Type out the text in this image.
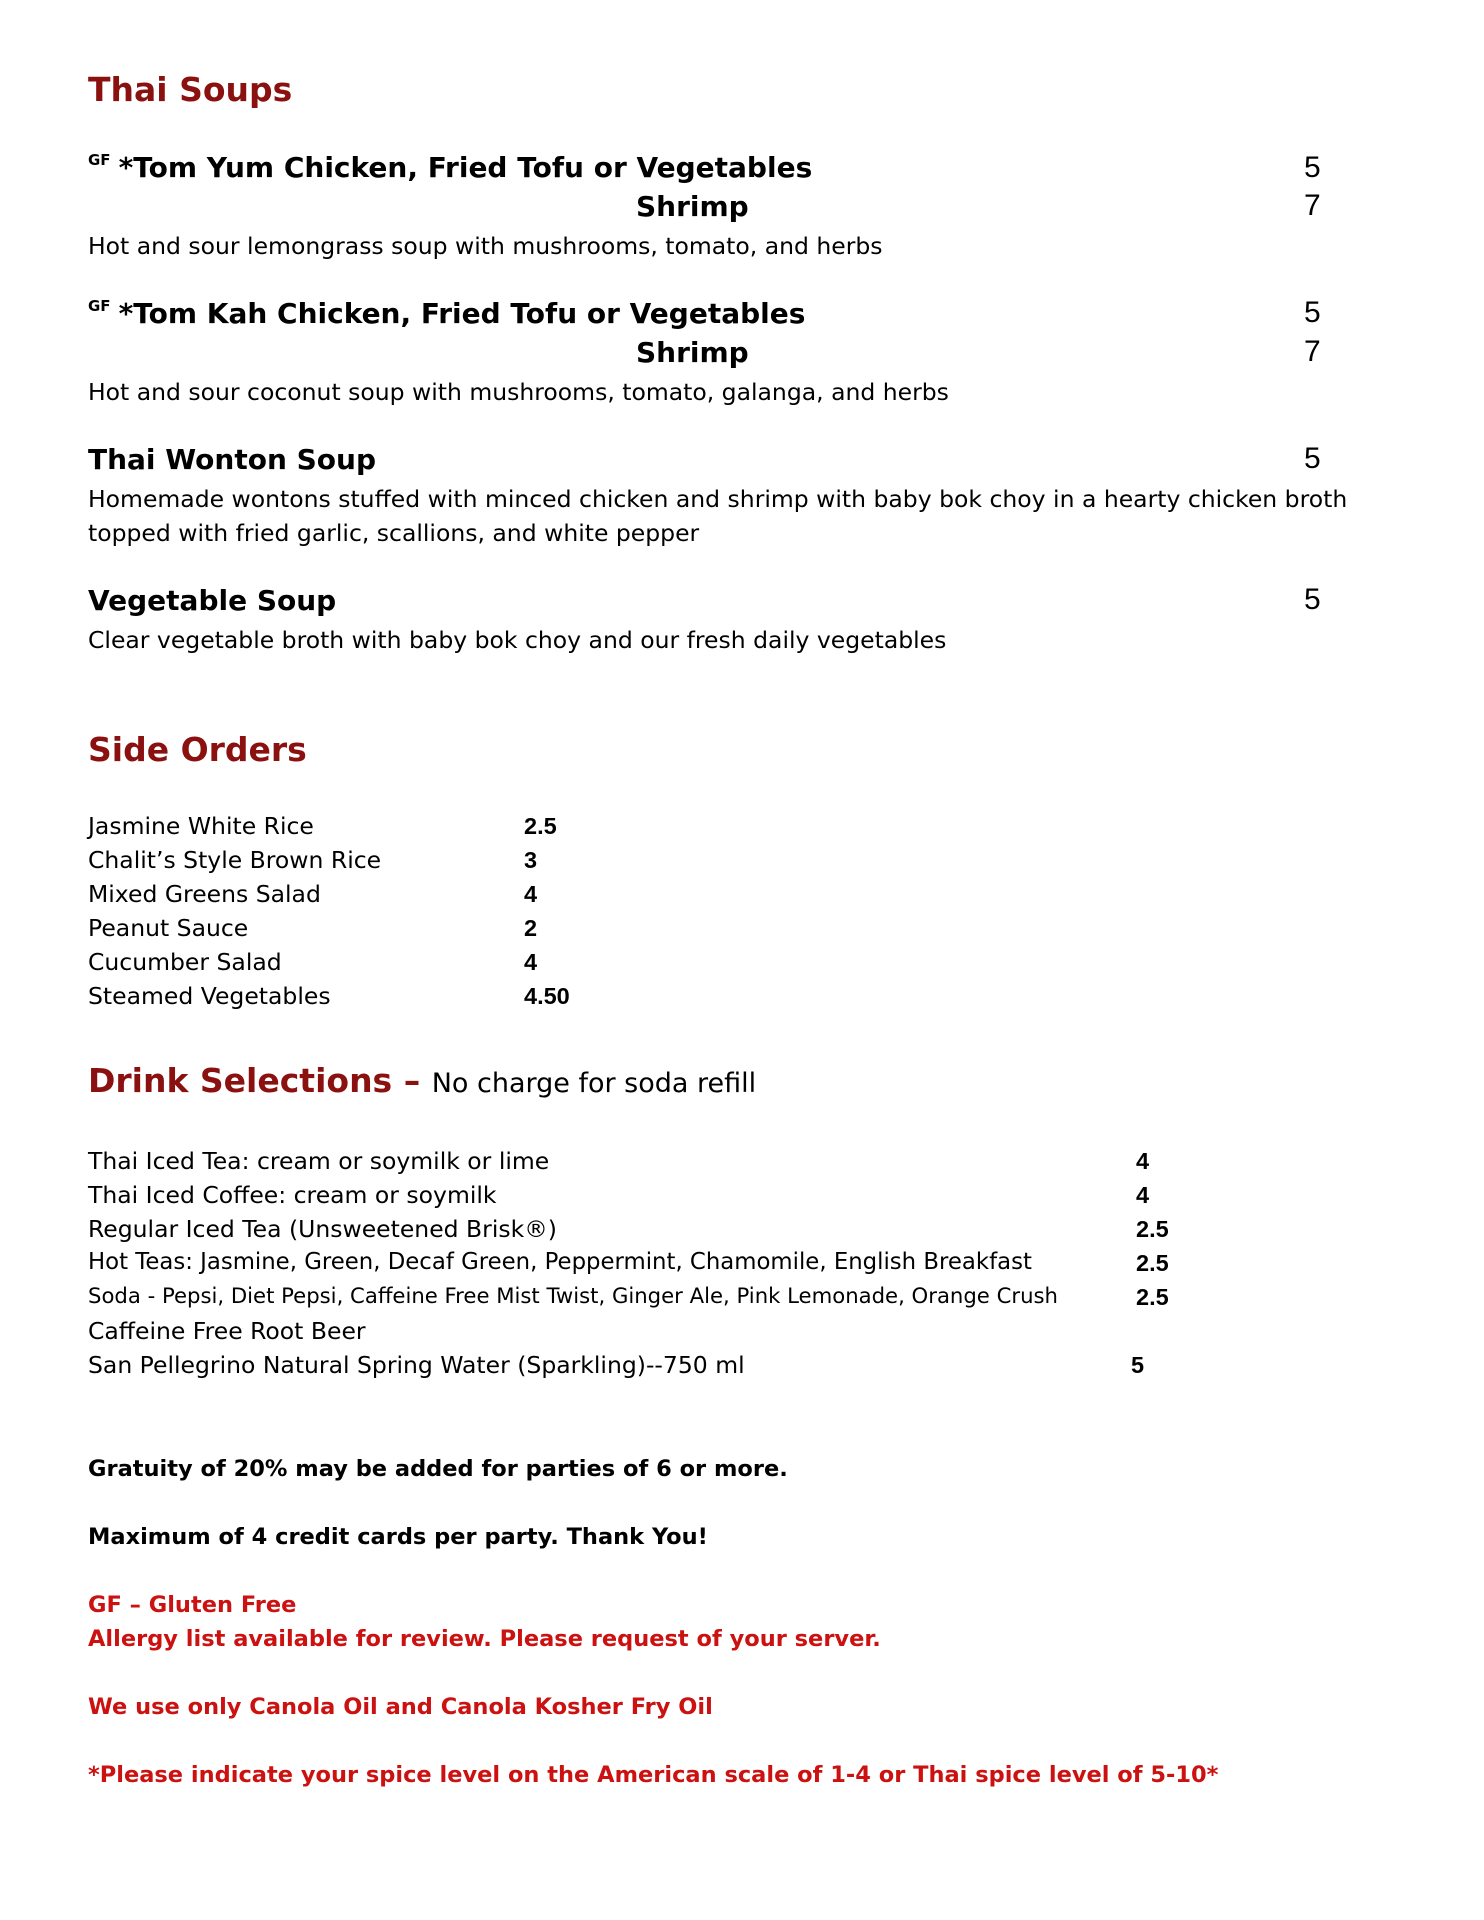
Thai Soups
$^{GF}$ *Tom Yum Chicken, Fried Tofu or Vegetables	5
Shrimp	7
Hot and sour lemongrass soup with mushrooms, tomato, and herbs
$^{GF}$ *Tom Kah Chicken, Fried Tofu or Vegetables	5
Shrimp	7
Hot and sour coconut soup with mushrooms, tomato, galanga, and herbs
Thai Wonton Soup	5
Homemade wontons stuffed with minced chicken and shrimp with baby bok choy in a hearty chicken broth topped with fried garlic, scallions, and white pepper
Vegetable Soup	5
Clear vegetable broth with baby bok choy and our fresh daily vegetables
Side Orders
Jasmine White Rice	2.5
Chalit’s Style Brown Rice	3
Mixed Greens Salad	4
Peanut Sauce	2
Cucumber Salad	4
Steamed Vegetables	4.50
Drink Selections – No charge for soda refill
Thai Iced Tea: cream or soymilk or lime	4
Thai Iced Coffee: cream or soymilk	4
Regular Iced Tea (Unsweetened Brisk®)	2.5
Hot Teas: Jasmine, Green, Decaf Green, Peppermint, Chamomile, English Breakfast	2.5
Soda - Pepsi, Diet Pepsi, Caffeine Free Mist Twist, Ginger Ale, Pink Lemonade, Orange Crush	2.5
Caffeine Free Root Beer
San Pellegrino Natural Spring Water (Sparkling)--750 ml	5
Gratuity of 20% may be added for parties of 6 or more.
Maximum of 4 credit cards per party. Thank You!
GF – Gluten Free
Allergy list available for review. Please request of your server.
We use only Canola Oil and Canola Kosher Fry Oil
*Please indicate your spice level on the American scale of 1-4 or Thai spice level of 5-10*
